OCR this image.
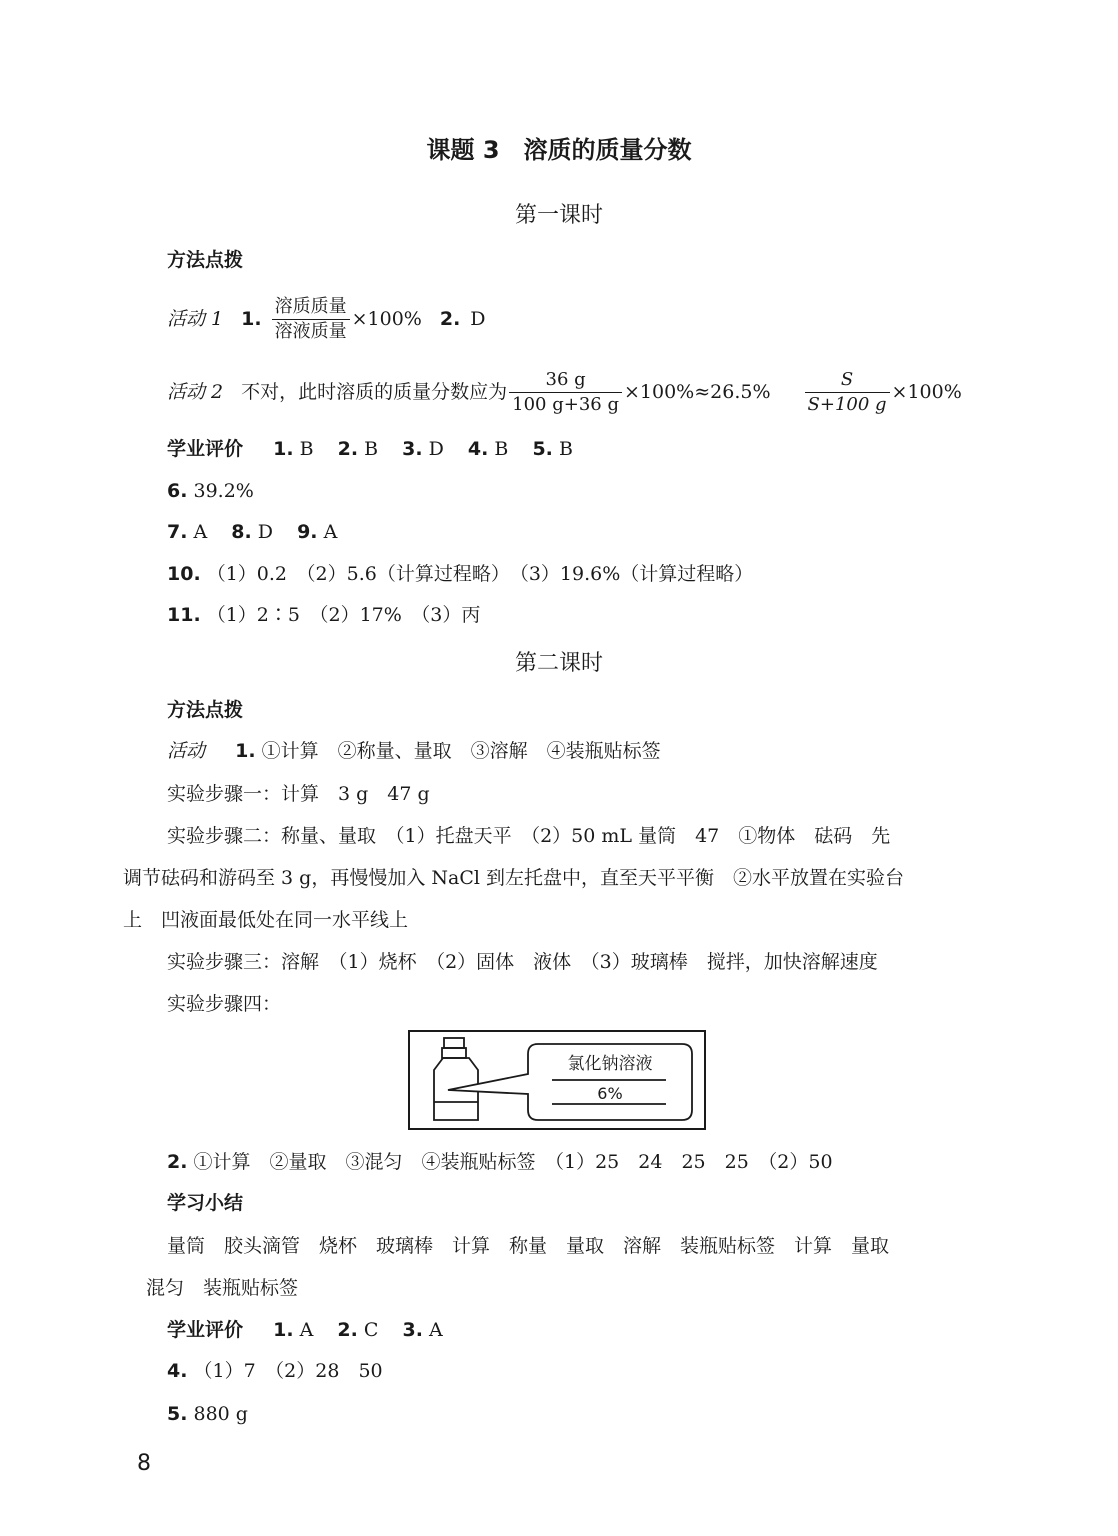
课题 3　溶质的质量分数
第一课时
方法点拨
活动 1 1. $\frac{\text{溶质质量}}{\text{溶液质量}} \times 100\%$ 2. D
活动 2 不对，此时溶质的质量分数应为 $\frac{36 g}{100 g+36 g} \times 100\%\approx 26.5\% \frac{S}{S+100 g} \times 100\%$
学业评价 1. B 2. B 3. D 4. B 5. B
6. 39.2%
7. A 8. D 9. A
10. （1）0.2　（2）5.6（计算过程略）　（3）19.6%（计算过程略）
11. （1）2∶5　（2）17%　（3）丙
第二课时
方法点拨
活动 1. ①计算　②称量、量取　③溶解　④装瓶贴标签
实验步骤一：计算　3 g　47 g
实验步骤二：称量、量取　（1）托盘天平　（2）50 mL 量筒　47　①物体　砝码　先
调节砝码和游码至 3 g，再慢慢加入 NaCl 到左托盘中，直至天平平衡　②水平放置在实验台
上　凹液面最低处在同一水平线上
实验步骤三：溶解　（1）烧杯　（2）固体　液体　（3）玻璃棒　搅拌，加快溶解速度
实验步骤四：
氯化钠溶液
6%
2. ①计算　②量取　③混匀　④装瓶贴标签　（1）25　24　25　25　（2）50
学习小结
量筒　胶头滴管　烧杯　玻璃棒　计算　称量　量取　溶解　装瓶贴标签　计算　量取
混匀　装瓶贴标签
学业评价 1. A 2. C 3. A
4. （1）7　（2）28　50
5. 880 g
8
